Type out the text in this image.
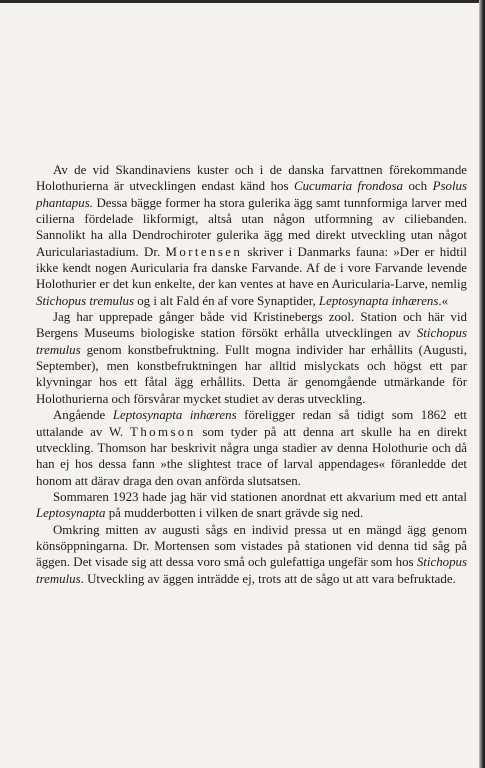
Av de vid Skandinaviens kuster och i de danska farvattnen förekommande Holothurierna är utvecklingen endast känd hos Cucumaria frondosa och Psolus phantapus. Dessa bägge former ha stora gulerika ägg samt tunnformiga larver med cilierna fördelade likformigt, altså utan någon utformning av ciliebanden. Sannolikt ha alla Dendrochiroter gulerika ägg med direkt utveckling utan något Auriculariastadium. Dr. Mortensen skriver i Danmarks fauna: »Der er hidtil ikke kendt nogen Auricularia fra danske Farvande. Af de i vore Farvande levende Holothurier er det kun enkelte, der kan ventes at have en Auricularia-Larve, nemlig Stichopus tremulus og i alt Fald én af vore Synaptider, Leptosynapta inhærens.«

Jag har upprepade gånger både vid Kristinebergs zool. Station och här vid Bergens Museums biologiske station försökt erhålla utvecklingen av Stichopus tremulus genom konstbefruktning. Fullt mogna individer har erhållits (Augusti, September), men konstbefruktningen har alltid mislyckats och högst ett par klyvningar hos ett fåtal ägg erhållits. Detta är genomgående utmärkande för Holothurierna och försvårar mycket studiet av deras utveckling.

Angående Leptosynapta inhærens föreligger redan så tidigt som 1862 ett uttalande av W. Thomson som tyder på att denna art skulle ha en direkt utveckling. Thomson har beskrivit några unga stadier av denna Holothurie och då han ej hos dessa fann »the slightest trace of larval appendages« föranledde det honom att därav draga den ovan anförda slutsatsen.

Sommaren 1923 hade jag här vid stationen anordnat ett akvarium med ett antal Leptosynapta på mudderbotten i vilken de snart grävde sig ned.

Omkring mitten av augusti sågs en individ pressa ut en mängd ägg genom könsöppningarna. Dr. Mortensen som vistades på stationen vid denna tid såg på äggen. Det visade sig att dessa voro små och gulefattiga ungefär som hos Stichopus tremulus. Utveckling av äggen inträdde ej, trots att de sågo ut att vara befruktade.
